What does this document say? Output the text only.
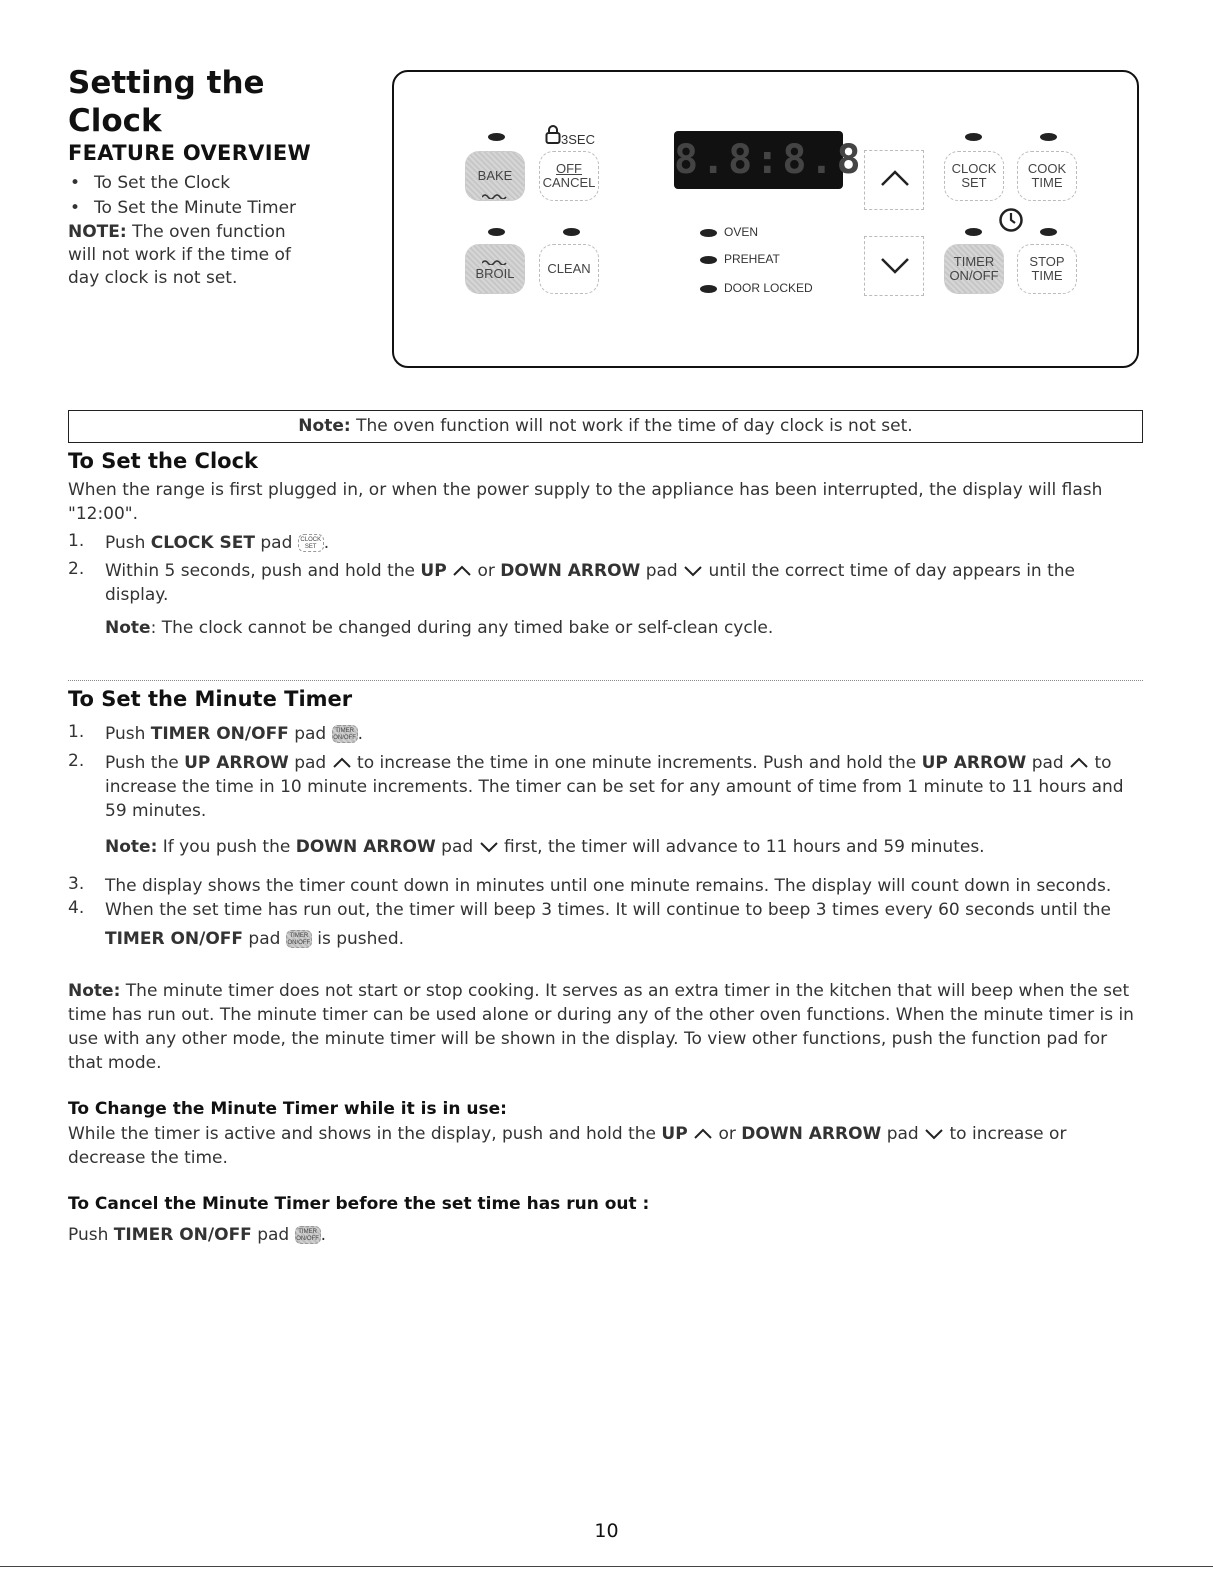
Setting the Clock
FEATURE OVERVIEW
• To Set the Clock
• To Set the Minute Timer
NOTE: The oven function will not work if the time of day clock is not set.
3SEC
BAKE	OFF
CANCEL
BROIL	CLEAN
8.8:8.8
OVEN
PREHEAT
DOOR LOCKED
CLOCK
SET
COOK
TIME
TIMER
ON/OFF
STOP
TIME
Note: The oven function will not work if the time of day clock is not set.
To Set the Clock

When the range is first plugged in, or when the power supply to the appliance has been interrupted, the display will flash "12:00".

1. Push CLOCK SET pad CLOCK
SET .

2. Within 5 seconds, push and hold the UP  or DOWN ARROW pad  until the correct time of day appears in the display.

Note: The clock cannot be changed during any timed bake or self-clean cycle.

To Set the Minute Timer
1. Push TIMER ON/OFF pad TIMER
ON/OFF.

2. Push the UP ARROW pad  to increase the time in one minute increments. Push and hold the UP ARROW pad  to increase the time in 10 minute increments. The timer can be set for any amount of time from 1 minute to 11 hours and 59 minutes.

Note: If you push the DOWN ARROW pad  first, the timer will advance to 11 hours and 59 minutes.

3. The display shows the timer count down in minutes until one minute remains. The display will count down in seconds.

4. When the set time has run out, the timer will beep 3 times. It will continue to beep 3 times every 60 seconds until the

TIMER ON/OFF pad TIMER
ON/OFF is pushed.

Note: The minute timer does not start or stop cooking. It serves as an extra timer in the kitchen that will beep when the set time has run out. The minute timer can be used alone or during any of the other oven functions. When the minute timer is in use with any other mode, the minute timer will be shown in the display. To view other functions, push the function pad for that mode.

To Change the Minute Timer while it is in use:

While the timer is active and shows in the display, push and hold the UP  or DOWN ARROW pad  to increase or decrease the time.

To Cancel the Minute Timer before the set time has run out :

Push TIMER ON/OFF pad TIMER
ON/OFF.

10
